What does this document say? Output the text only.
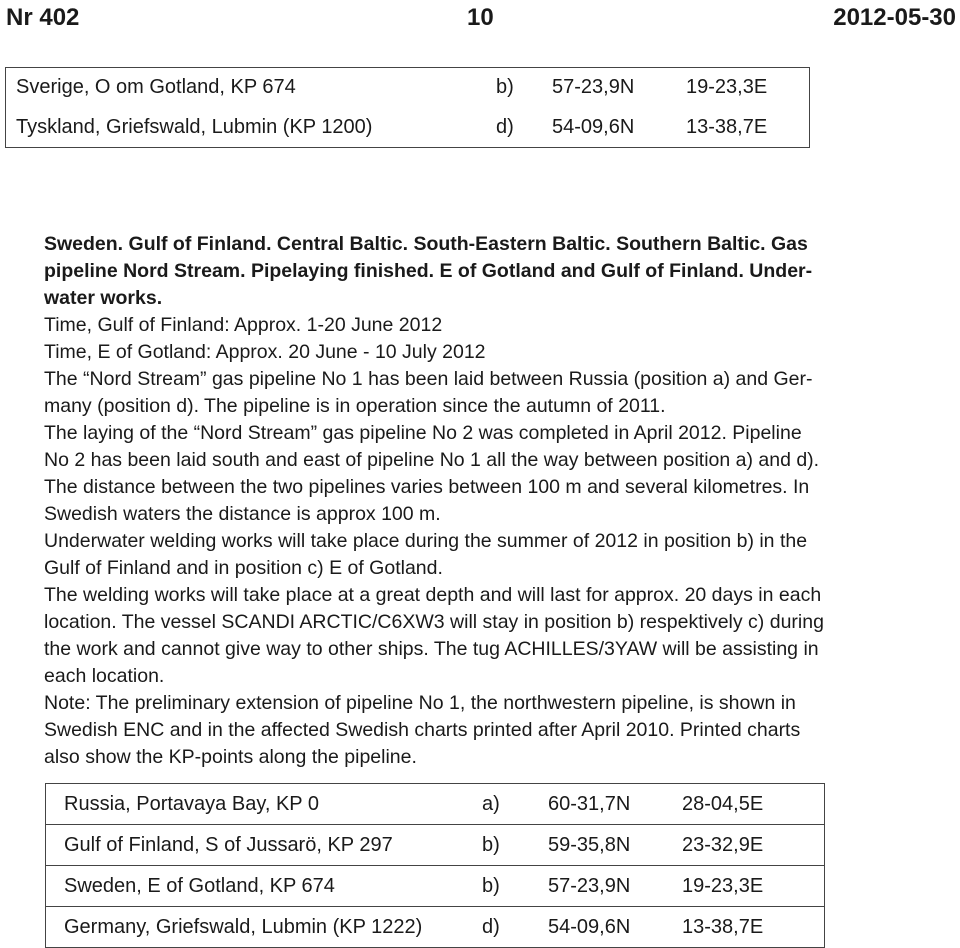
Nr 402	10	2012-05-30
Sverige, O om Gotland, KP 674	b)	57-23,9N	19-23,3E
Tyskland, Griefswald, Lubmin (KP 1200)	d)	54-09,6N	13-38,7E
Sweden. Gulf of Finland. Central Baltic. South-Eastern Baltic. Southern Baltic. Gas
pipeline Nord Stream. Pipelaying finished. E of Gotland and Gulf of Finland. Under-
water works.
Time, Gulf of Finland: Approx. 1-20 June 2012
Time, E of Gotland: Approx. 20 June - 10 July 2012
The “Nord Stream” gas pipeline No 1 has been laid between Russia (position a) and Ger-
many (position d). The pipeline is in operation since the autumn of 2011.
The laying of the “Nord Stream” gas pipeline No 2 was completed in April 2012. Pipeline
No 2 has been laid south and east of pipeline No 1 all the way between position a) and d).
The distance between the two pipelines varies between 100 m and several kilometres. In
Swedish waters the distance is approx 100 m.
Underwater welding works will take place during the summer of 2012 in position b) in the
Gulf of Finland and in position c) E of Gotland.
The welding works will take place at a great depth and will last for approx. 20 days in each
location. The vessel SCANDI ARCTIC/C6XW3 will stay in position b) respektively c) during
the work and cannot give way to other ships. The tug ACHILLES/3YAW will be assisting in
each location.
Note: The preliminary extension of pipeline No 1, the northwestern pipeline, is shown in
Swedish ENC and in the affected Swedish charts printed after April 2010. Printed charts
also show the KP-points along the pipeline.
Russia, Portavaya Bay, KP 0	a)	60-31,7N	28-04,5E
Gulf of Finland, S of Jussarö, KP 297	b)	59-35,8N	23-32,9E
Sweden, E of Gotland, KP 674	b)	57-23,9N	19-23,3E
Germany, Griefswald, Lubmin (KP 1222)	d)	54-09,6N	13-38,7E
